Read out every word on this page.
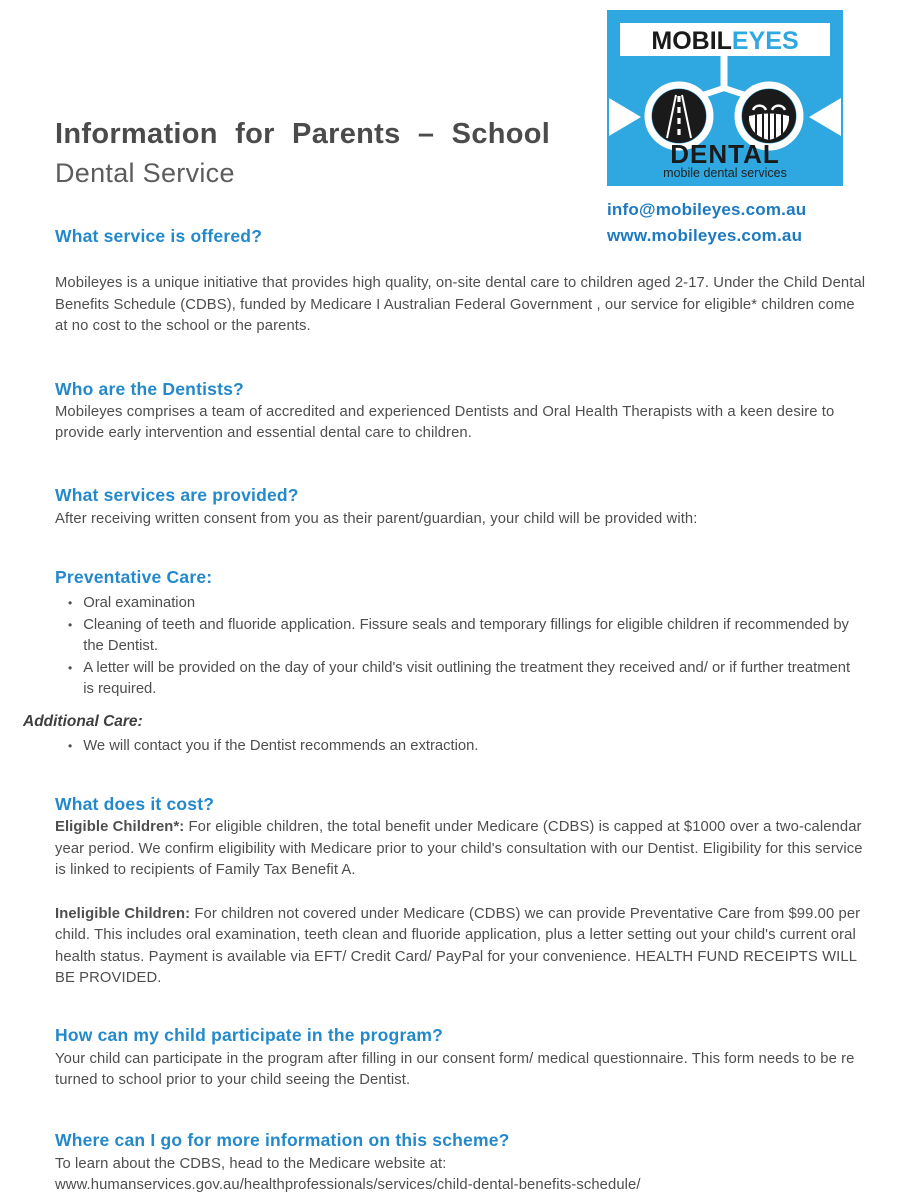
MOBILEYES
DENTAL
mobile dental services
info@mobileyes.com.au
www.mobileyes.com.au
Information for Parents – School
Dental Service
What service is offered?
Mobileyes is a unique initiative that provides high quality, on-site dental care to children aged 2-17. Under the Child Dental Benefits Schedule (CDBS), funded by Medicare I Australian Federal Government , our service for eligible* children come at no cost to the school or the parents.
Who are the Dentists?
Mobileyes comprises a team of accredited and experienced Dentists and Oral Health Therapists with a keen desire to provide early intervention and essential dental care to children.
What services are provided?
After receiving written consent from you as their parent/guardian, your child will be provided with:
Preventative Care:
• Oral examination
• Cleaning of teeth and fluoride application. Fissure seals and temporary fillings for eligible children if recommended by the Dentist.
• A letter will be provided on the day of your child's visit outlining the treatment they received and/ or if further treatment is required.
Additional Care:
• We will contact you if the Dentist recommends an extraction.
What does it cost?
Eligible Children*: For eligible children, the total benefit under Medicare (CDBS) is capped at $1000 over a two-calendar year period. We confirm eligibility with Medicare prior to your child's consultation with our Dentist. Eligibility for this service is linked to recipients of Family Tax Benefit A.
Ineligible Children: For children not covered under Medicare (CDBS) we can provide Preventative Care from $99.00 per child. This includes oral examination, teeth clean and fluoride application, plus a letter setting out your child's current oral health status. Payment is available via EFT/ Credit Card/ PayPal for your convenience. HEALTH FUND RECEIPTS WILL BE PROVIDED.
How can my child participate in the program?
Your child can participate in the program after filling in our consent form/ medical questionnaire. This form needs to be re turned to school prior to your child seeing the Dentist.
Where can I go for more information on this scheme?
To learn about the CDBS, head to the Medicare website at:
www.humanservices.gov.au/healthprofessionals/services/child-dental-benefits-schedule/
